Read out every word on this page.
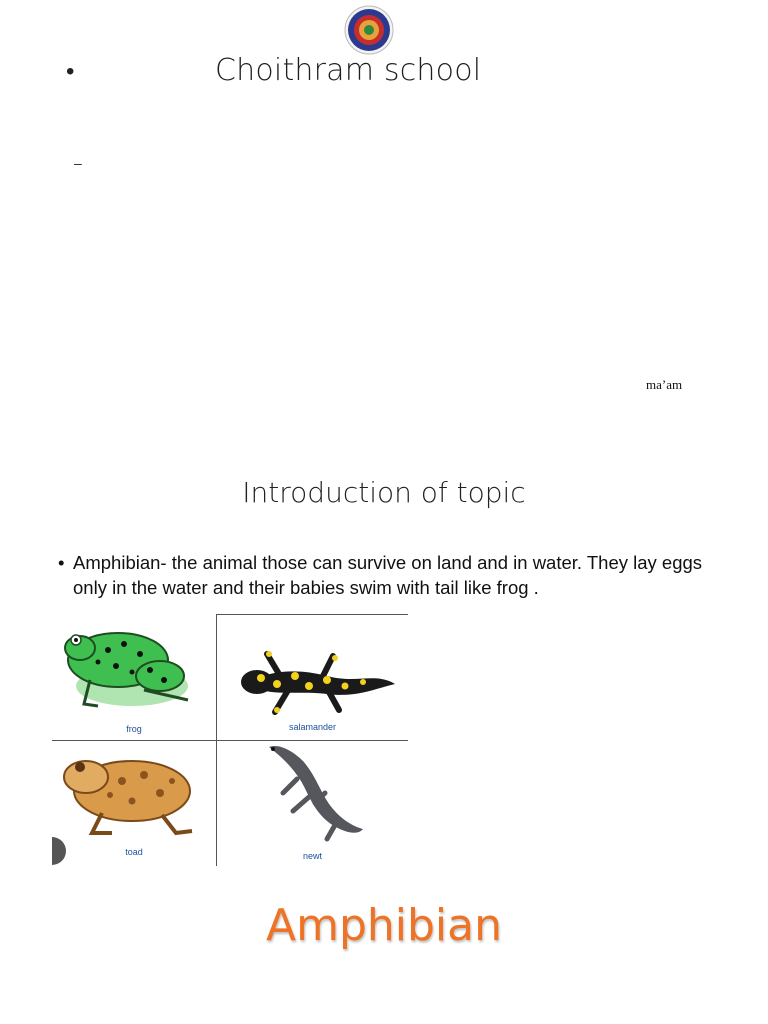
•	Choithram school
–
ma’am
Introduction of topic
• Amphibian- the animal those can survive on land and in water. They lay eggs only in the water and their babies swim with tail like frog .
frog	salamander
toad	newt
Amphibian
